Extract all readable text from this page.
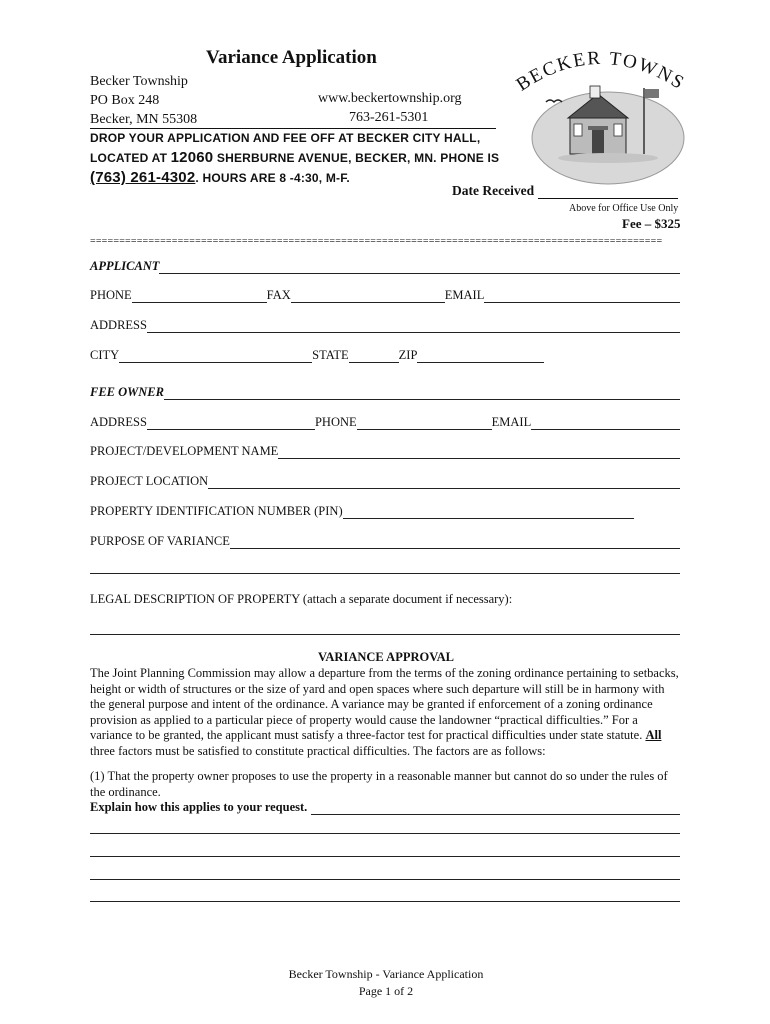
Variance Application
Becker Township
PO Box 248
Becker, MN 55308
www.beckertownship.org
763-261-5301
BECKER TOWNS
DROP YOUR APPLICATION AND FEE OFF AT BECKER CITY HALL, LOCATED AT 12060 SHERBURNE AVENUE, BECKER, MN. PHONE IS (763) 261-4302. HOURS ARE 8 -4:30, M-F.
Date Received
Above for Office Use Only
Fee – $325
==================================================================================================
APPLICANT
PHONE	FAX	EMAIL
ADDRESS
CITY	STATE	ZIP
FEE OWNER
ADDRESS	PHONE	EMAIL
PROJECT/DEVELOPMENT NAME
PROJECT LOCATION
PROPERTY IDENTIFICATION NUMBER (PIN)
PURPOSE OF VARIANCE
LEGAL DESCRIPTION OF PROPERTY (attach a separate document if necessary):
VARIANCE APPROVAL
The Joint Planning Commission may allow a departure from the terms of the zoning ordinance pertaining to setbacks, height or width of structures or the size of yard and open spaces where such departure will still be in harmony with the general purpose and intent of the ordinance. A variance may be granted if enforcement of a zoning ordinance provision as applied to a particular piece of property would cause the landowner “practical difficulties.” For a variance to be granted, the applicant must satisfy a three-factor test for practical difficulties under state statute. All three factors must be satisfied to constitute practical difficulties. The factors are as follows:
(1) That the property owner proposes to use the property in a reasonable manner but cannot do so under the rules of the ordinance.
Explain how this applies to your request.
Becker Township - Variance Application
Page 1 of 2
